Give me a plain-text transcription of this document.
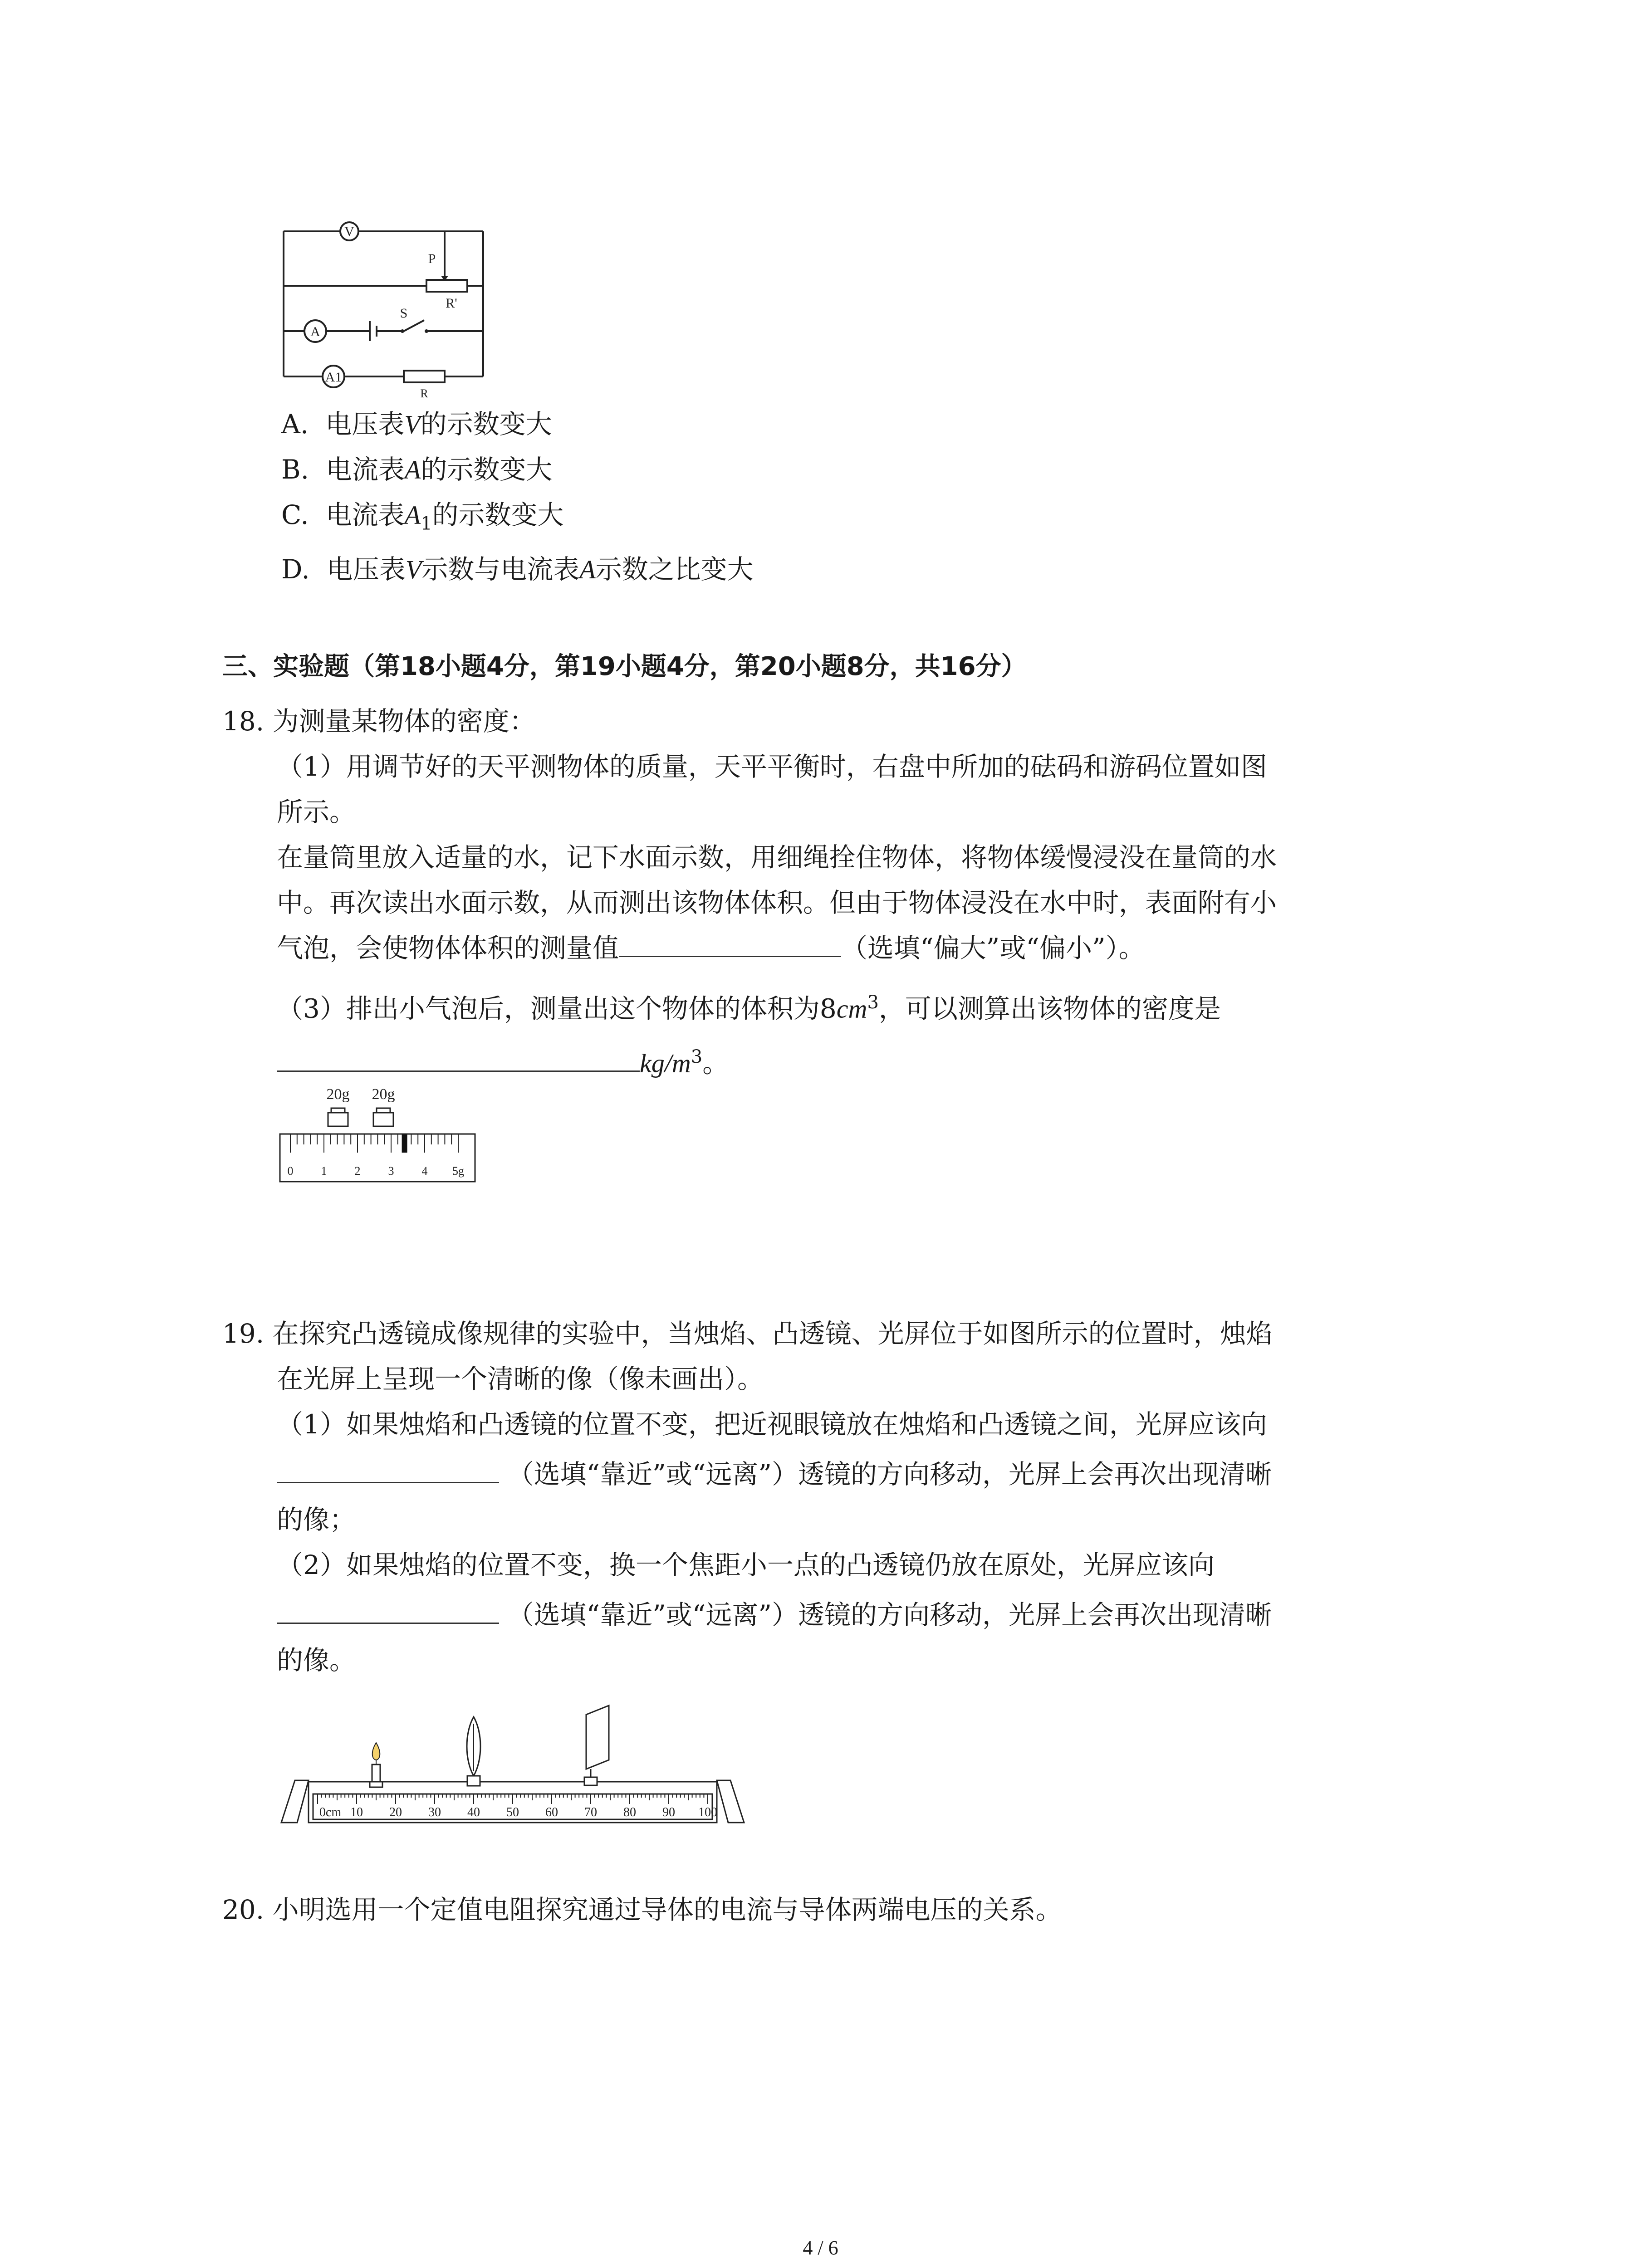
V
P
R'
S
A
A1
R
A. 电压表V的示数变大
B. 电流表A的示数变大
C. 电流表$A_1$的示数变大
D. 电压表V示数与电流表A示数之比变大
三、实验题（第18小题4分，第19小题4分，第20小题8分，共16分）
18. 为测量某物体的密度：
（1）用调节好的天平测物体的质量，天平平衡时，右盘中所加的砝码和游码位置如图
所示。
在量筒里放入适量的水，记下水面示数，用细绳拴住物体，将物体缓慢浸没在量筒的水
中。再次读出水面示数，从而测出该物体体积。但由于物体浸没在水中时，表面附有小
气泡，会使物体体积的测量值	（选填“偏大”或“偏小”）。
（3）排出小气泡后，测量出这个物体的体积为$8cm^3$，可以测算出该物体的密度是
$kg/m^3$。
20g 20g
0 1 2 3 4 5g
19. 在探究凸透镜成像规律的实验中，当烛焰、凸透镜、光屏位于如图所示的位置时，烛焰
在光屏上呈现一个清晰的像（像未画出）。
（1）如果烛焰和凸透镜的位置不变，把近视眼镜放在烛焰和凸透镜之间，光屏应该向
（选填“靠近”或“远离”）透镜的方向移动，光屏上会再次出现清晰
的像；
（2）如果烛焰的位置不变，换一个焦距小一点的凸透镜仍放在原处，光屏应该向
（选填“靠近”或“远离”）透镜的方向移动，光屏上会再次出现清晰
的像。
0cm 10 20 30 40 50 60 70 80 90 100
20. 小明选用一个定值电阻探究通过导体的电流与导体两端电压的关系。
4 / 6
